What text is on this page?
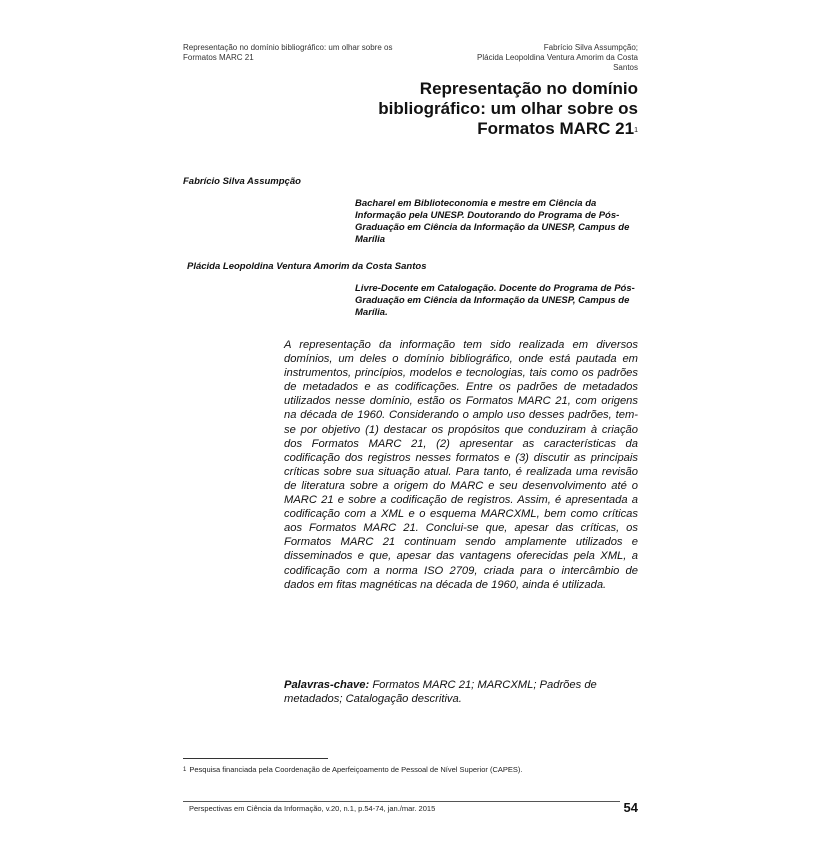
Representação no domínio bibliográfico: um olhar sobre os
Formatos MARC 21
Fabrício Silva Assumpção;
Plácida Leopoldina Ventura Amorim da Costa
Santos
Representação no domínio
bibliográfico: um olhar sobre os
Formatos MARC $21^1$
Fabrício Silva Assumpção
Bacharel em Biblioteconomia e mestre em Ciência da Informação pela UNESP. Doutorando do Programa de Pós-Graduação em Ciência da Informação da UNESP, Campus de Marília
Plácida Leopoldina Ventura Amorim da Costa Santos
Livre-Docente em Catalogação. Docente do Programa de Pós-Graduação em Ciência da Informação da UNESP, Campus de Marília.

A representação da informação tem sido realizada em diversos domínios, um deles o domínio bibliográfico, onde está pautada em instrumentos, princípios, modelos e tecnologias, tais como os padrões de metadados e as codificações. Entre os padrões de metadados utilizados nesse domínio, estão os Formatos MARC 21, com origens na década de 1960. Considerando o amplo uso desses padrões, tem-se por objetivo (1) destacar os propósitos que conduziram à criação dos Formatos MARC 21, (2) apresentar as características da codificação dos registros nesses formatos e (3) discutir as principais críticas sobre sua situação atual. Para tanto, é realizada uma revisão de literatura sobre a origem do MARC e seu desenvolvimento até o MARC 21 e sobre a codificação de registros. Assim, é apresentada a codificação com a XML e o esquema MARCXML, bem como críticas aos Formatos MARC 21. Conclui-se que, apesar das críticas, os Formatos MARC 21 continuam sendo amplamente utilizados e disseminados e que, apesar das vantagens oferecidas pela XML, a codificação com a norma ISO 2709, criada para o intercâmbio de dados em fitas magnéticas na década de 1960, ainda é utilizada.

Palavras-chave: Formatos MARC 21; MARCXML; Padrões de metadados; Catalogação descritiva.

$^1$ Pesquisa financiada pela Coordenação de Aperfeiçoamento de Pessoal de Nível Superior (CAPES).
Perspectivas em Ciência da Informação, v.20, n.1, p.54-74, jan./mar. 2015	54
